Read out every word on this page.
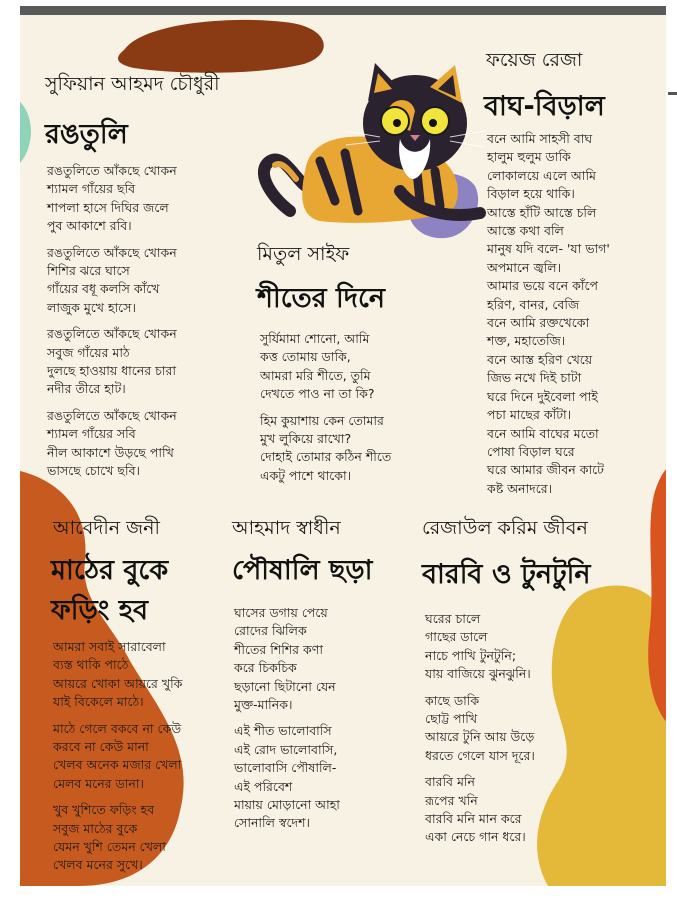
সুফিয়ান আহমদ চৌধুরী
রঙতুলি
রঙতুলিতে আঁকছে খোকন
শ্যামল গাঁয়ের ছবি
শাপলা হাসে দিঘির জলে
পুব আকাশে রবি।
রঙতুলিতে আঁকছে খোকন
শিশির ঝরে ঘাসে
গাঁয়ের বধূ কলসি কাঁখে
লাজুক মুখে হাসে।
রঙতুলিতে আঁকছে খোকন
সবুজ গাঁয়ের মাঠ
দুলছে হাওয়ায় ধানের চারা
নদীর তীরে হাট।
রঙতুলিতে আঁকছে খোকন
শ্যামল গাঁয়ের সবি
নীল আকাশে উড়ছে পাখি
ভাসছে চোখে ছবি।
ফয়েজ রেজা
বাঘ-বিড়াল
বনে আমি সাহসী বাঘ
হালুম হুলুম ডাকি
লোকালয়ে এলে আমি
বিড়াল হয়ে থাকি।
আস্তে হাঁটি আস্তে চলি
আস্তে কথা বলি
মানুষ যদি বলে- 'যা ভাগ'
অপমানে জ্বলি।
আমার ভয়ে বনে কাঁপে
হরিণ, বানর, বেজি
বনে আমি রক্তখেকো
শক্ত, মহাতেজি।
বনে আস্ত হরিণ খেয়ে
জিভ নখে দিই চাটা
ঘরে দিনে দুইবেলা পাই
পচা মাছের কাঁটা।
বনে আমি বাঘের মতো
পোষা বিড়াল ঘরে
ঘরে আমার জীবন কাটে
কষ্ট অনাদরে।
মিতুল সাইফ
শীতের দিনে
সুর্যিমামা শোনো, আমি
কত্ত তোমায় ডাকি,
আমরা মরি শীতে, তুমি
দেখতে পাও না তা কি?
হিম কুয়াশায় কেন তোমার
মুখ লুকিয়ে রাখো?
দোহাই তোমার কঠিন শীতে
একটু পাশে থাকো।
আবেদীন জনী
মাঠের বুকে
ফড়িং হব
আমরা সবাই সারাবেলা
ব্যস্ত থাকি পাঠে
আয়রে খোকা আয়রে খুকি
যাই বিকেলে মাঠে।
মাঠে গেলে বকবে না কেউ
করবে না কেউ মানা
খেলব অনেক মজার খেলা
মেলব মনের ডানা।
খুব খুশিতে ফড়িং হব
সবুজ মাঠের বুকে
যেমন খুশি তেমন খেলা
খেলব মনের সুখে।
আহমাদ স্বাধীন
পৌষালি ছড়া
ঘাসের ডগায় পেয়ে
রোদের ঝিলিক
শীতের শিশির কণা
করে চিকচিক
ছড়ানো ছিটানো যেন
মুক্ত-মানিক।
এই শীত ভালোবাসি
এই রোদ ভালোবাসি,
ভালোবাসি পৌষালি-
এই পরিবেশ
মায়ায় মোড়ানো আহা
সোনালি স্বদেশ।
রেজাউল করিম জীবন
বারবি ও টুনটুনি
ঘরের চালে
গাছের ডালে
নাচে পাখি টুনটুনি;
যায় বাজিয়ে ঝুনঝুনি।
কাছে ডাকি
ছোট্ট পাখি
আয়রে টুনি আয় উড়ে
ধরতে গেলে যাস দূরে।
বারবি মনি
রূপের খনি
বারবি মনি মান করে
একা নেচে গান ধরে।
